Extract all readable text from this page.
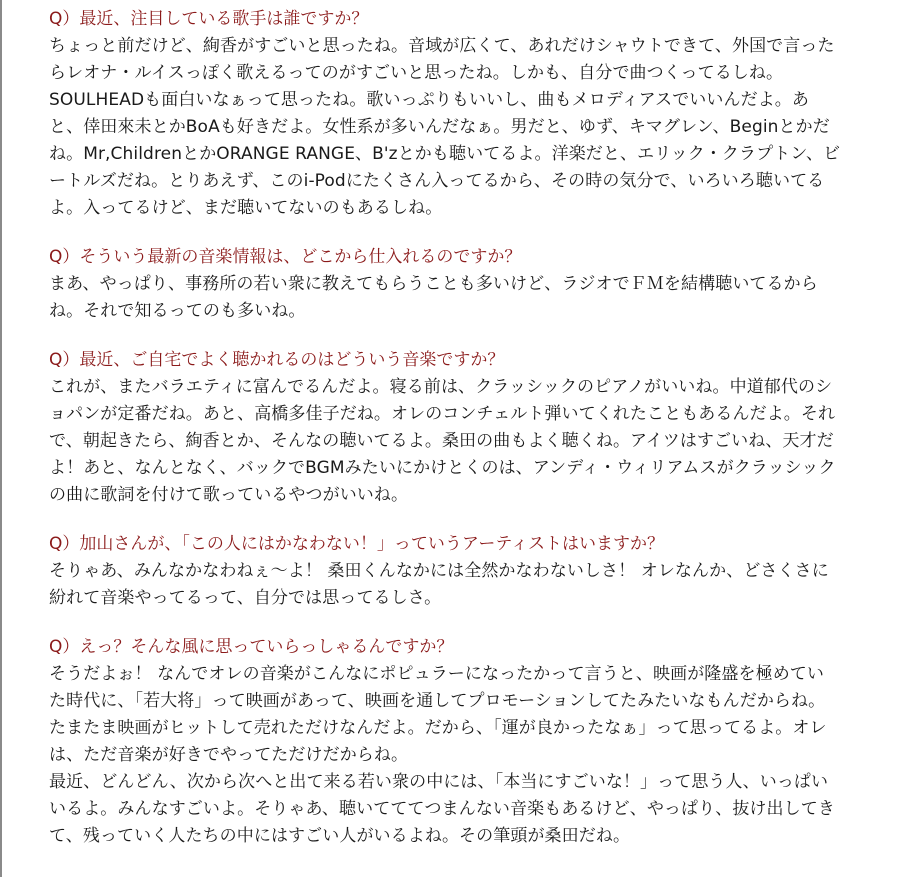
Q）最近、注目している歌手は誰ですか？

ちょっと前だけど、絢香がすごいと思ったね。音域が広くて、あれだけシャウトできて、外国で言った

らレオナ・ルイスっぽく歌えるってのがすごいと思ったね。しかも、自分で曲つくってるしね。

SOULHEADも面白いなぁって思ったね。歌いっぷりもいいし、曲もメロディアスでいいんだよ。あ

と、倖田來未とかBoAも好きだよ。女性系が多いんだなぁ。男だと、ゆず、キマグレン、Beginとかだ

ね。Mr,ChildrenとかORANGE RANGE、B'zとかも聴いてるよ。洋楽だと、エリック・クラプトン、ビ

ートルズだね。とりあえず、このi-Podにたくさん入ってるから、その時の気分で、いろいろ聴いてる

よ。入ってるけど、まだ聴いてないのもあるしね。

Q）そういう最新の音楽情報は、どこから仕入れるのですか？

まあ、やっぱり、事務所の若い衆に教えてもらうことも多いけど、ラジオでＦＭを結構聴いてるから

ね。それで知るってのも多いね。

Q）最近、ご自宅でよく聴かれるのはどういう音楽ですか？

これが、またバラエティに富んでるんだよ。寝る前は、クラッシックのピアノがいいね。中道郁代のシ

ョパンが定番だね。あと、高橋多佳子だね。オレのコンチェルト弾いてくれたこともあるんだよ。それ

で、朝起きたら、絢香とか、そんなの聴いてるよ。桑田の曲もよく聴くね。アイツはすごいね、天才だ

よ！あと、なんとなく、バックでBGMみたいにかけとくのは、アンディ・ウィリアムスがクラッシック

の曲に歌詞を付けて歌っているやつがいいね。

Q）加山さんが、「この人にはかなわない！」っていうアーティストはいますか？

そりゃあ、みんなかなわねぇ～よ！ 桑田くんなかには全然かなわないしさ！ オレなんか、どさくさに

紛れて音楽やってるって、自分では思ってるしさ。

Q）えっ？そんな風に思っていらっしゃるんですか？

そうだよぉ！ なんでオレの音楽がこんなにポピュラーになったかって言うと、映画が隆盛を極めてい

た時代に、「若大将」って映画があって、映画を通してプロモーションしてたみたいなもんだからね。

たまたま映画がヒットして売れただけなんだよ。だから、「運が良かったなぁ」って思ってるよ。オレ

は、ただ音楽が好きでやってただけだからね。

最近、どんどん、次から次へと出て来る若い衆の中には、「本当にすごいな！」って思う人、いっぱい

いるよ。みんなすごいよ。そりゃあ、聴いてててつまんない音楽もあるけど、やっぱり、抜け出してき

て、残っていく人たちの中にはすごい人がいるよね。その筆頭が桑田だね。
